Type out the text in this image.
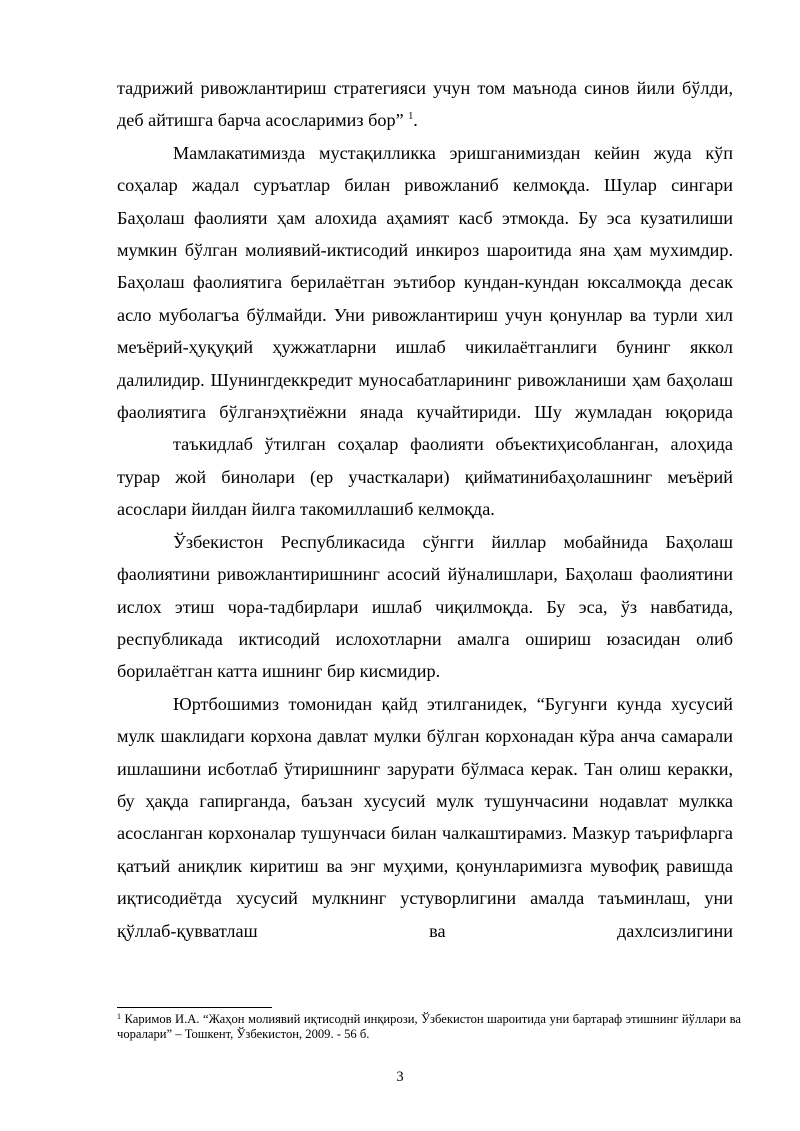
тадрижий ривожлантириш стратегияси учун том маънода синов йили бўлди, деб айтишга барча асосларимиз бор” $^1$.

Мамлакатимизда мустақилликка эришганимиздан кейин жуда кўп соҳалар жадал суръатлар билан ривожланиб келмоқда. Шулар сингари Баҳолаш фаолияти ҳам алохида аҳамият касб этмокда. Бу эса кузатилиши мумкин бўлган молиявий-иктисодий инкироз шароитида яна ҳам мухимдир. Баҳолаш фаолиятига берилаётган эътибор кундан-кундан юксалмоқда десак асло муболагъа бўлмайди. Уни ривожлантириш учун қонунлар ва турли хил меъёрий-ҳуқуқий ҳужжатларни ишлаб чикилаётганлиги бунинг яккол далилидир. Шунингдеккредит муносабатларининг ривожланиши ҳам баҳолаш фаолиятига бўлганэҳтиёжни янада кучайтириди. Шу жумладан юқорида

таъкидлаб ўтилган соҳалар фаолияти объектиҳисобланган, алоҳида турар жой бинолари (ер участкалари) қийматинибаҳолашнинг меъёрий асослари йилдан йилга такомиллашиб келмоқда.

Ўзбекистон Республикасида сўнгги йиллар мобайнида Баҳолаш фаолиятини ривожлантиришнинг асосий йўналишлари, Баҳолаш фаолиятини ислох этиш чора-тадбирлари ишлаб чиқилмоқда. Бу эса, ўз навбатида, республикада иктисодий ислохотларни амалга ошириш юзасидан олиб борилаётган катта ишнинг бир кисмидир.

Юртбошимиз томонидан қайд этилганидек, “Бугунги кунда хусусий мулк шаклидаги корхона давлат мулки бўлган корхонадан кўра анча самарали ишлашини исботлаб ўтиришнинг зарурати бўлмаса керак. Тан олиш керакки, бу ҳақда гапирганда, баъзан хусусий мулк тушунчасини нодавлат мулкка асосланган корхоналар тушунчаси билан чалкаштирамиз. Мазкур таърифларга қатъий аниқлик киритиш ва энг муҳими, қонунларимизга мувофиқ равишда иқтисодиётда хусусий мулкнинг устуворлигини амалда таъминлаш, уни қўллаб-қувватлаш ва дахлсизлигини

$^1$ Каримов И.А. “Жаҳон молиявий иқтисоднй инқирози, Ўзбекистон шароитида уни бартараф этишнинг йўллари ва чоралари” – Тошкент, Ўзбекистон, 2009. - 56 б.
3
